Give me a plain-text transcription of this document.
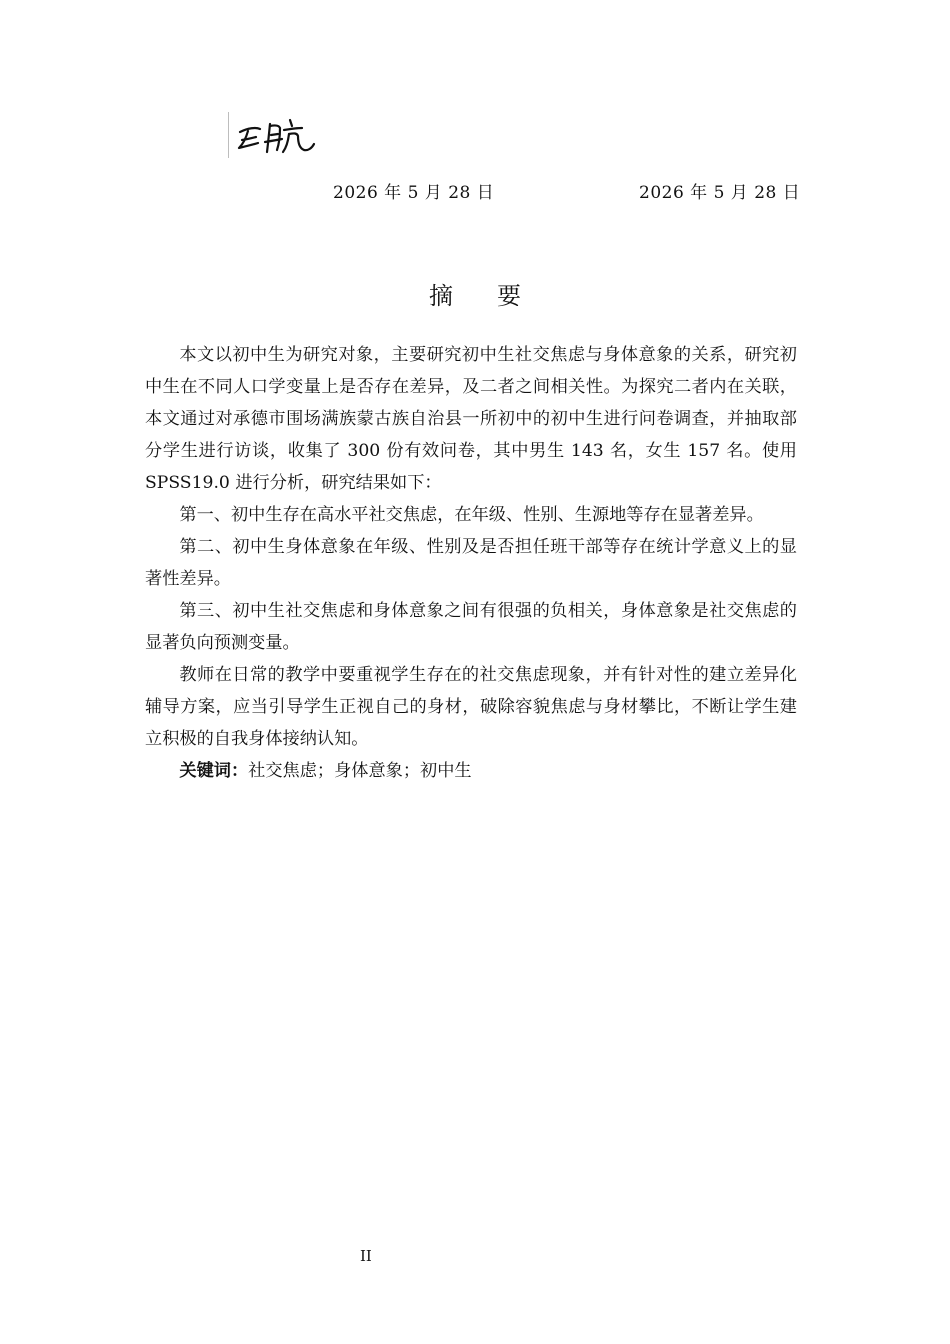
2026 年 5 月 28 日	2026 年 5 月 28 日
摘 要

本文以初中生为研究对象，主要研究初中生社交焦虑与身体意象的关系，研究初中生在不同人口学变量上是否存在差异，及二者之间相关性。为探究二者内在关联，本文通过对承德市围场满族蒙古族自治县一所初中的初中生进行问卷调查，并抽取部分学生进行访谈，收集了 300 份有效问卷，其中男生 143 名，女生 157 名。使用 SPSS19.0 进行分析，研究结果如下：

第一、初中生存在高水平社交焦虑，在年级、性别、生源地等存在显著差异。

第二、初中生身体意象在年级、性别及是否担任班干部等存在统计学意义上的显著性差异。

第三、初中生社交焦虑和身体意象之间有很强的负相关，身体意象是社交焦虑的显著负向预测变量。

教师在日常的教学中要重视学生存在的社交焦虑现象，并有针对性的建立差异化辅导方案，应当引导学生正视自己的身材，破除容貌焦虑与身材攀比，不断让学生建立积极的自我身体接纳认知。

关键词：社交焦虑；身体意象；初中生

II
